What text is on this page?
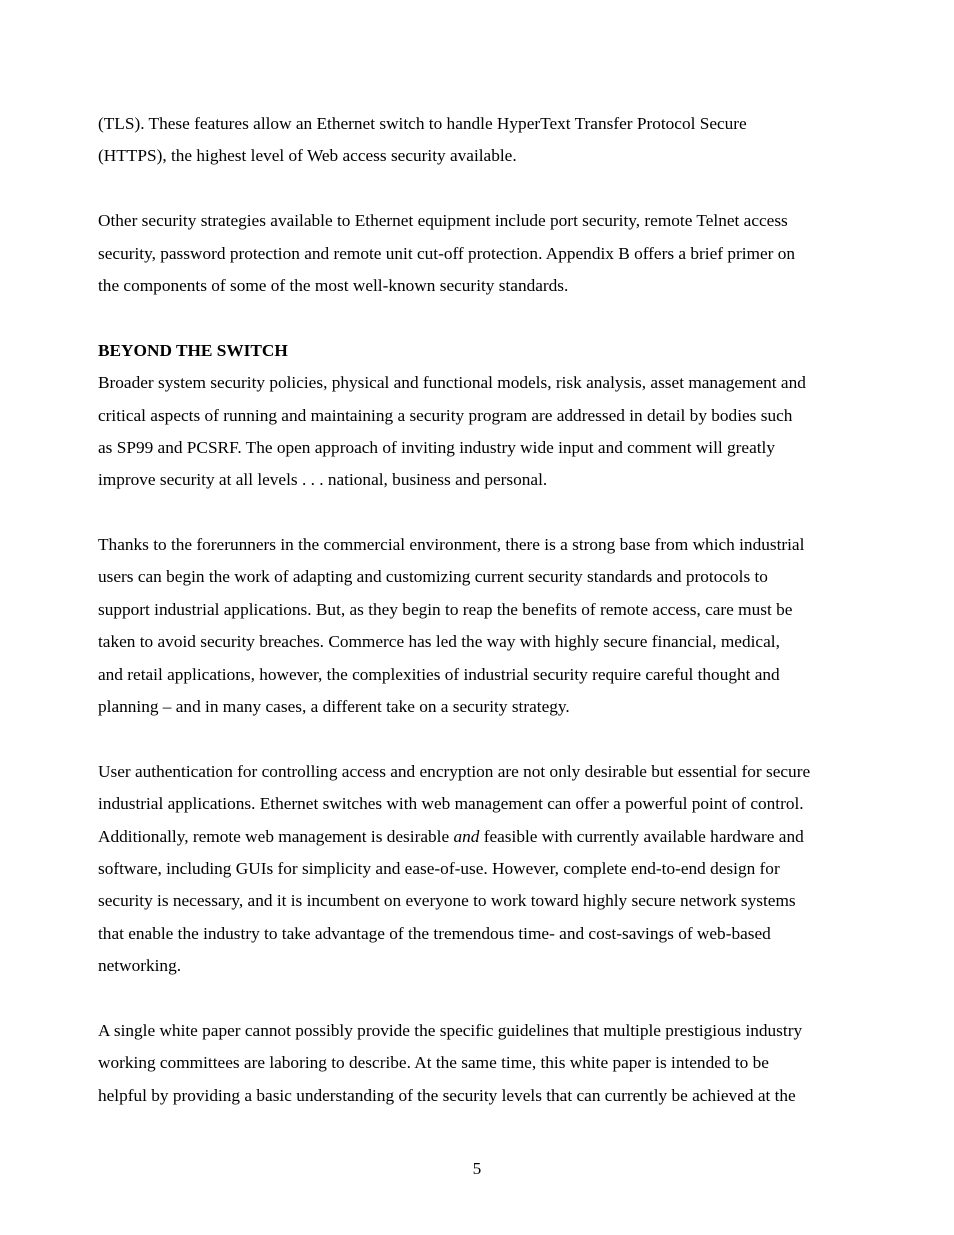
(TLS). These features allow an Ethernet switch to handle HyperText Transfer Protocol Secure
(HTTPS), the highest level of Web access security available.

Other security strategies available to Ethernet equipment include port security, remote Telnet access
security, password protection and remote unit cut-off protection. Appendix B offers a brief primer on
the components of some of the most well-known security standards.

BEYOND THE SWITCH

Broader system security policies, physical and functional models, risk analysis, asset management and
critical aspects of running and maintaining a security program are addressed in detail by bodies such
as SP99 and PCSRF. The open approach of inviting industry wide input and comment will greatly
improve security at all levels . . . national, business and personal.

Thanks to the forerunners in the commercial environment, there is a strong base from which industrial
users can begin the work of adapting and customizing current security standards and protocols to
support industrial applications. But, as they begin to reap the benefits of remote access, care must be
taken to avoid security breaches. Commerce has led the way with highly secure financial, medical,
and retail applications, however, the complexities of industrial security require careful thought and
planning – and in many cases, a different take on a security strategy.

User authentication for controlling access and encryption are not only desirable but essential for secure
industrial applications. Ethernet switches with web management can offer a powerful point of control.
Additionally, remote web management is desirable and feasible with currently available hardware and
software, including GUIs for simplicity and ease-of-use. However, complete end-to-end design for
security is necessary, and it is incumbent on everyone to work toward highly secure network systems
that enable the industry to take advantage of the tremendous time- and cost-savings of web-based
networking.

A single white paper cannot possibly provide the specific guidelines that multiple prestigious industry
working committees are laboring to describe. At the same time, this white paper is intended to be
helpful by providing a basic understanding of the security levels that can currently be achieved at the

5
